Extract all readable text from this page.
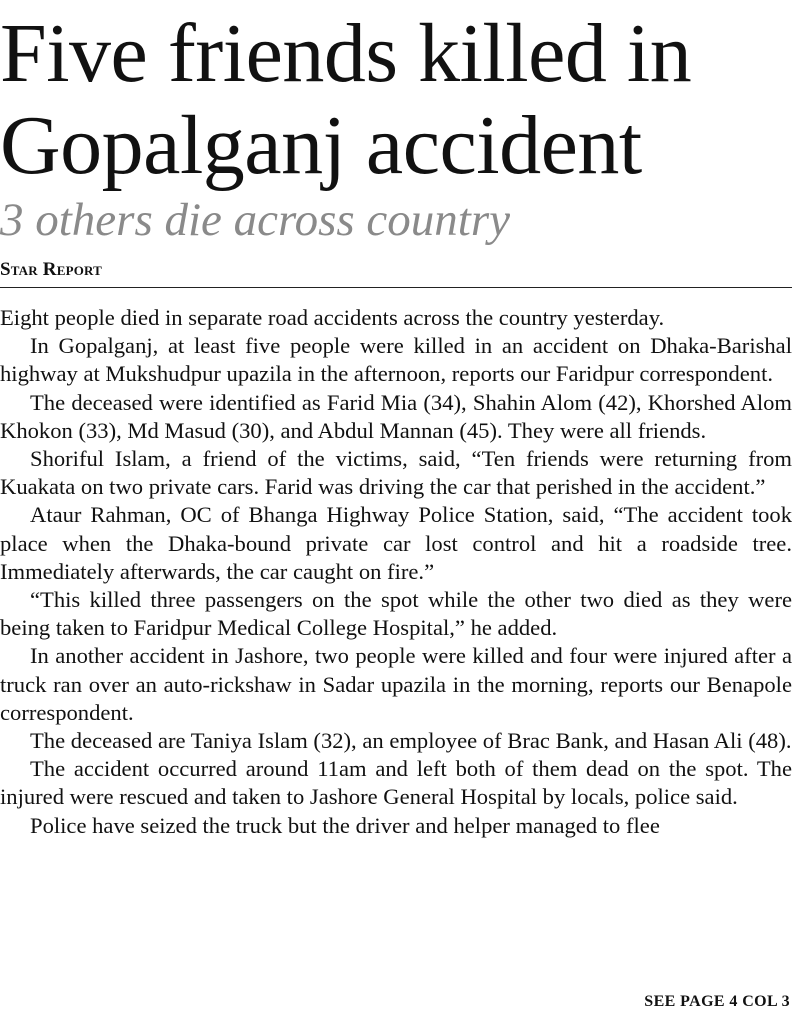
Five friends killed in
Gopalganj accident
3 others die across country
Star Report

Eight people died in separate road accidents across the country yesterday.

In Gopalganj, at least five people were killed in an accident on Dhaka-Barishal highway at Mukshudpur upazila in the afternoon, reports our Faridpur correspondent.

The deceased were identified as Farid Mia (34), Shahin Alom (42), Khorshed Alom Khokon (33), Md Masud (30), and Abdul Mannan (45). They were all friends.

Shoriful Islam, a friend of the victims, said, “Ten friends were returning from Kuakata on two private cars. Farid was driving the car that perished in the accident.”

Ataur Rahman, OC of Bhanga Highway Police Station, said, “The accident took place when the Dhaka-bound private car lost control and hit a roadside tree. Immediately afterwards, the car caught on fire.”

“This killed three passengers on the spot while the other two died as they were being taken to Faridpur Medical College Hospital,” he added.

In another accident in Jashore, two people were killed and four were injured after a truck ran over an auto-rickshaw in Sadar upazila in the morning, reports our Benapole correspondent.

The deceased are Taniya Islam (32), an employee of Brac Bank, and Hasan Ali (48).

The accident occurred around 11am and left both of them dead on the spot. The injured were rescued and taken to Jashore General Hospital by locals, police said.

Police have seized the truck but the driver and helper managed to flee

SEE PAGE 4 COL 3
